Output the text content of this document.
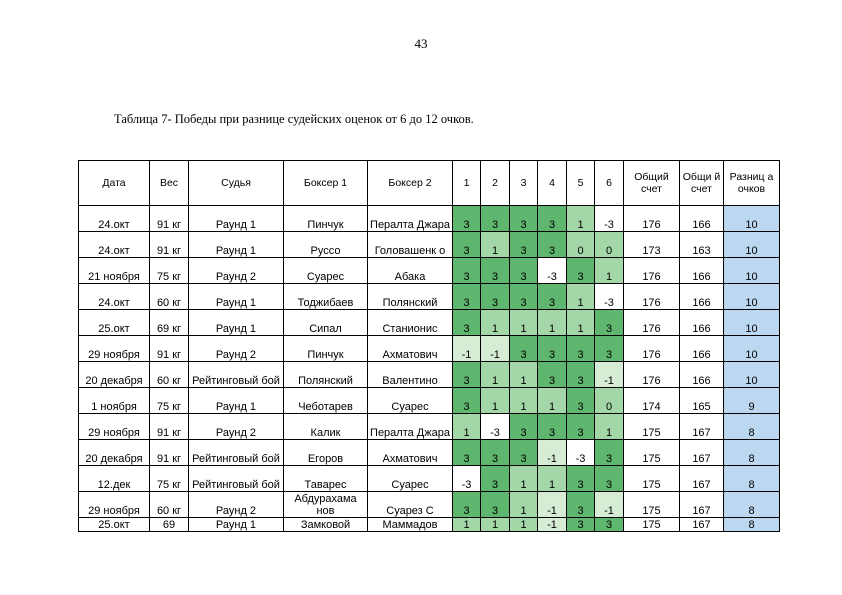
43
Таблица 7- Победы при разнице судейских оценок от 6 до 12 очков.
Дата	Вес	Судья	Боксер 1	Боксер 2	1	2	3	4	5	6	Общий счет	Общи й счет	Разниц а очков
24.окт	91 кг	Раунд 1	Пинчук	Пералта Джара	3	3	3	3	1	-3	176	166	10
24.окт	91 кг	Раунд 1	Руссо	Головашенк о	3	1	3	3	0	0	173	163	10
21 ноября	75 кг	Раунд 2	Суарес	Абака	3	3	3	-3	3	1	176	166	10
24.окт	60 кг	Раунд 1	Тоджибаев	Полянский	3	3	3	3	1	-3	176	166	10
25.окт	69 кг	Раунд 1	Сипал	Станионис	3	1	1	1	1	3	176	166	10
29 ноября	91 кг	Раунд 2	Пинчук	Ахматович	-1	-1	3	3	3	3	176	166	10
20 декабря	60 кг	Рейтинговый бой	Полянский	Валентино	3	1	1	3	3	-1	176	166	10
1 ноября	75 кг	Раунд 1	Чеботарев	Суарес	3	1	1	1	3	0	174	165	9
29 ноября	91 кг	Раунд 2	Калик	Пералта Джара	1	-3	3	3	3	1	175	167	8
20 декабря	91 кг	Рейтинговый бой	Егоров	Ахматович	3	3	3	-1	-3	3	175	167	8
12.дек	75 кг	Рейтинговый бой	Таварес	Суарес	-3	3	1	1	3	3	175	167	8
29 ноября	60 кг	Раунд 2	Абдурахама нов	Суарез С	3	3	1	-1	3	-1	175	167	8
25.окт	69	Раунд 1	Замковой	Маммадов	1	1	1	-1	3	3	175	167	8
